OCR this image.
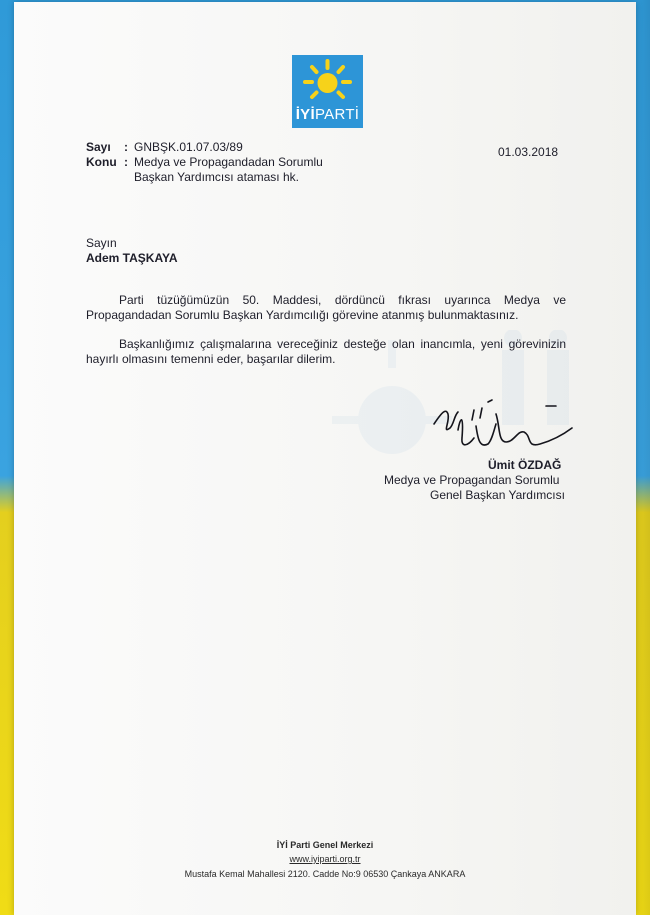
İYİPARTİ
Sayı	: GNBŞK.01.07.03/89
Konu : Medya ve Propagandadan Sorumlu
Başkan Yardımcısı ataması hk.
01.03.2018
Sayın
Adem TAŞKAYA
Parti tüzüğümüzün 50. Maddesi, dördüncü fıkrası uyarınca Medya ve Propagandadan Sorumlu Başkan Yardımcılığı görevine atanmış bulunmaktasınız.
Başkanlığımız çalışmalarına vereceğiniz desteğe olan inancımla, yeni görevinizin hayırlı olmasını temenni eder, başarılar dilerim.
Ümit ÖZDAĞ
Medya ve Propagandan Sorumlu
Genel Başkan Yardımcısı
İYİ Parti Genel Merkezi
www.iyiparti.org.tr
Mustafa Kemal Mahallesi 2120. Cadde No:9 06530 Çankaya ANKARA
